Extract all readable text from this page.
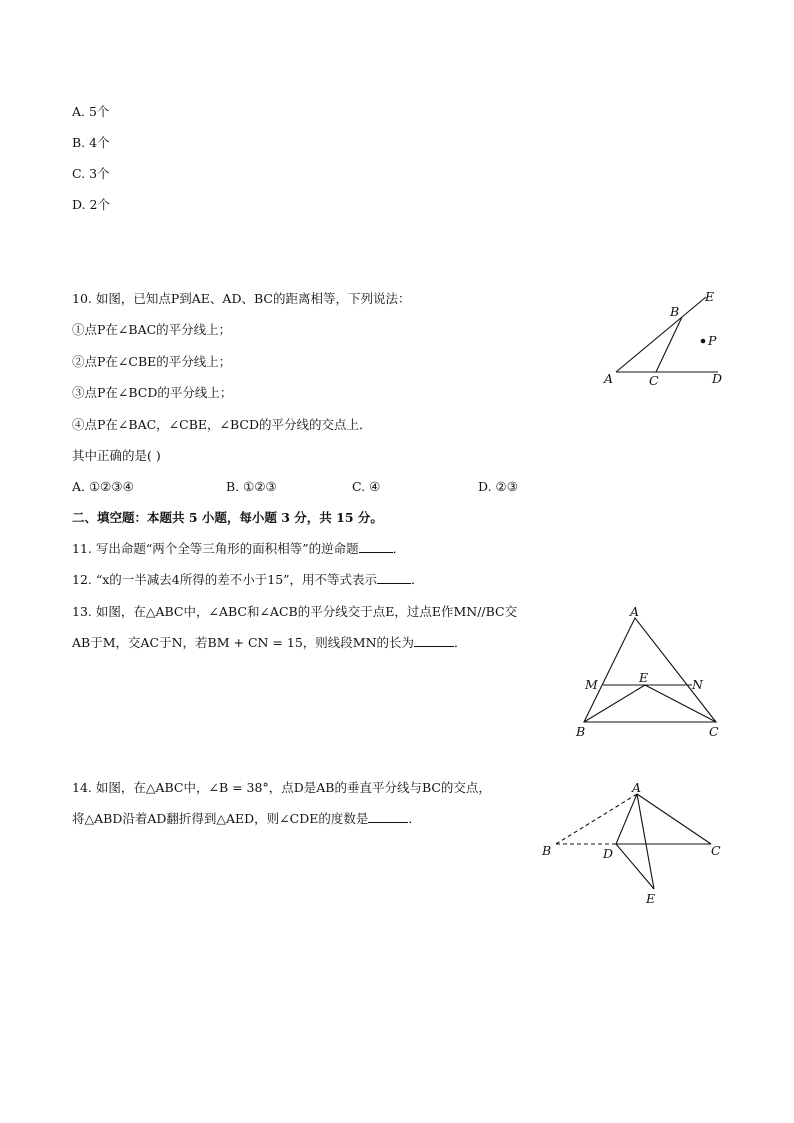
A. 5个
B. 4个
C. 3个
D. 2个
10. 如图，已知点P到AE、AD、BC的距离相等，下列说法：
①点P在∠BAC的平分线上；
②点P在∠CBE的平分线上；
③点P在∠BCD的平分线上；
④点P在∠BAC，∠CBE，∠BCD的平分线的交点上．
其中正确的是( )
A. ①②③④	B. ①②③	C. ④	D. ②③
A
B
C	D
E
P
二、填空题：本题共 5 小题，每小题 3 分，共 15 分。
11. 写出命题“两个全等三角形的面积相等”的逆命题	．
12. “x的一半减去4所得的差不小于15”，用不等式表示	．
13. 如图，在△ABC中，∠ABC和∠ACB的平分线交于点E，过点E作MN//BC交
AB于M，交AC于N，若BM + CN = 15，则线段MN的长为	．
A
M	E	N
B	C
14. 如图，在△ABC中，∠B = 38°，点D是AB的垂直平分线与BC的交点，
将△ABD沿着AD翻折得到△AED，则∠CDE的度数是	．
A
B	D	C
E
